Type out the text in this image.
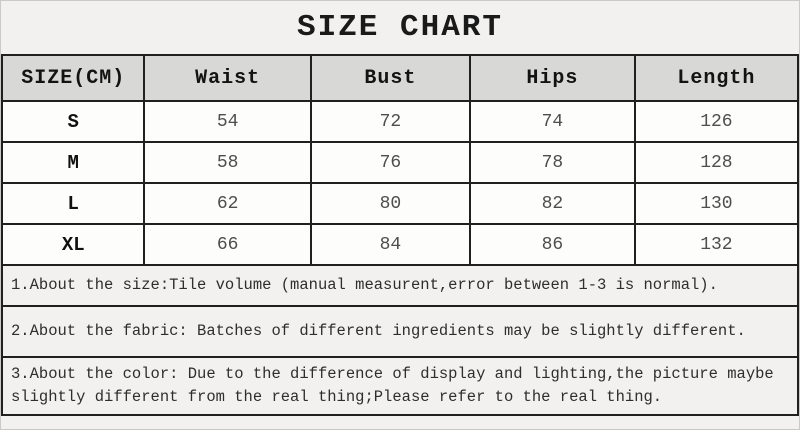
SIZE CHART
SIZE(CM)	Waist	Bust	Hips	Length
S	54	72	74	126
M	58	76	78	128
L	62	80	82	130
XL	66	84	86	132
1.About the size:Tile volume (manual measurent,error between 1-3 is normal).
2.About the fabric: Batches of different ingredients may be slightly different.
3.About the color: Due to the difference of display and lighting,the picture maybe slightly different from the real thing;Please refer to the real thing.
